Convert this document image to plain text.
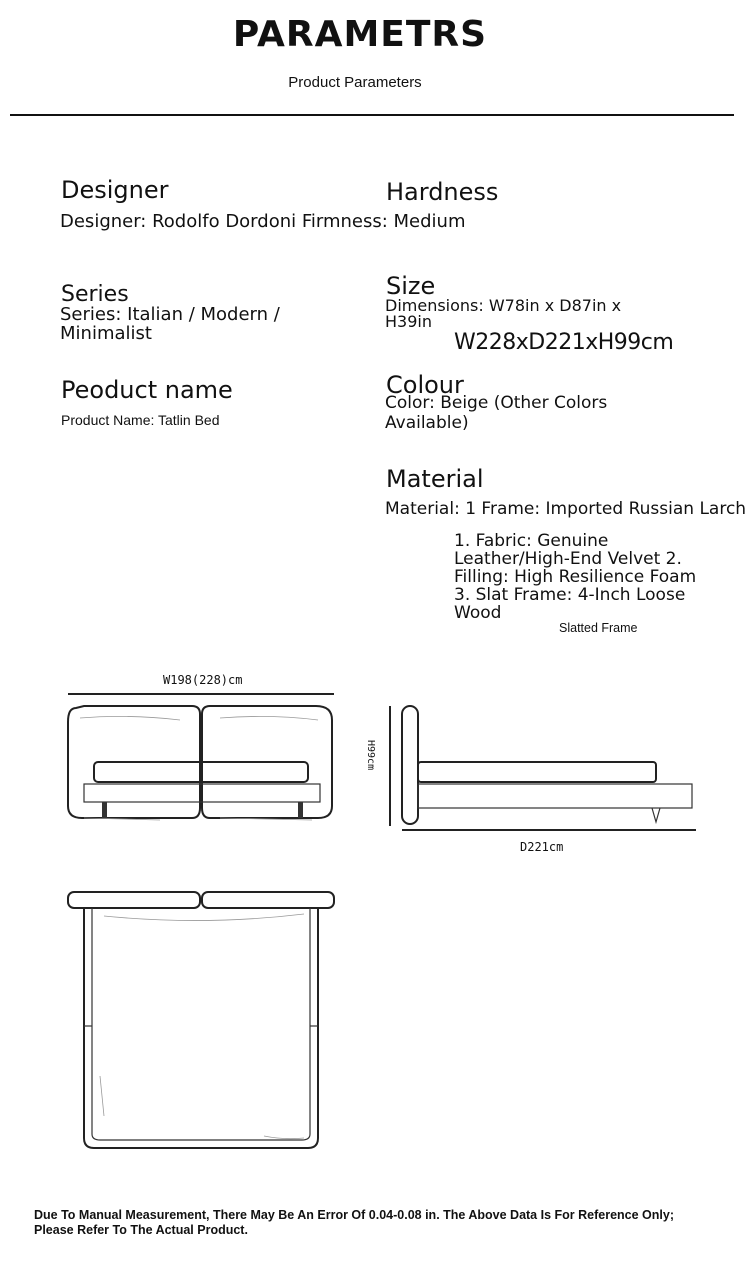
PARAMETRS
Product Parameters
Designer
Designer: Rodolfo Dordoni Firmness: Medium
Hardness
Series
Series: Italian / Modern / Minimalist
Size
Dimensions: W78in x D87in x H39in
W228xD221xH99cm
Peoduct name
Product Name: Tatlin Bed
Colour
Color: Beige (Other Colors Available)
Material
Material: 1 Frame: Imported Russian Larch
1. Fabric: Genuine Leather/High-End Velvet 2. Filling: High Resilience Foam 3. Slat Frame: 4-Inch Loose Wood
Slatted Frame
W198(228)cm
H99cm
D221cm
Due To Manual Measurement, There May Be An Error Of 0.04-0.08 in. The Above Data Is For Reference Only; Please Refer To The Actual Product.
